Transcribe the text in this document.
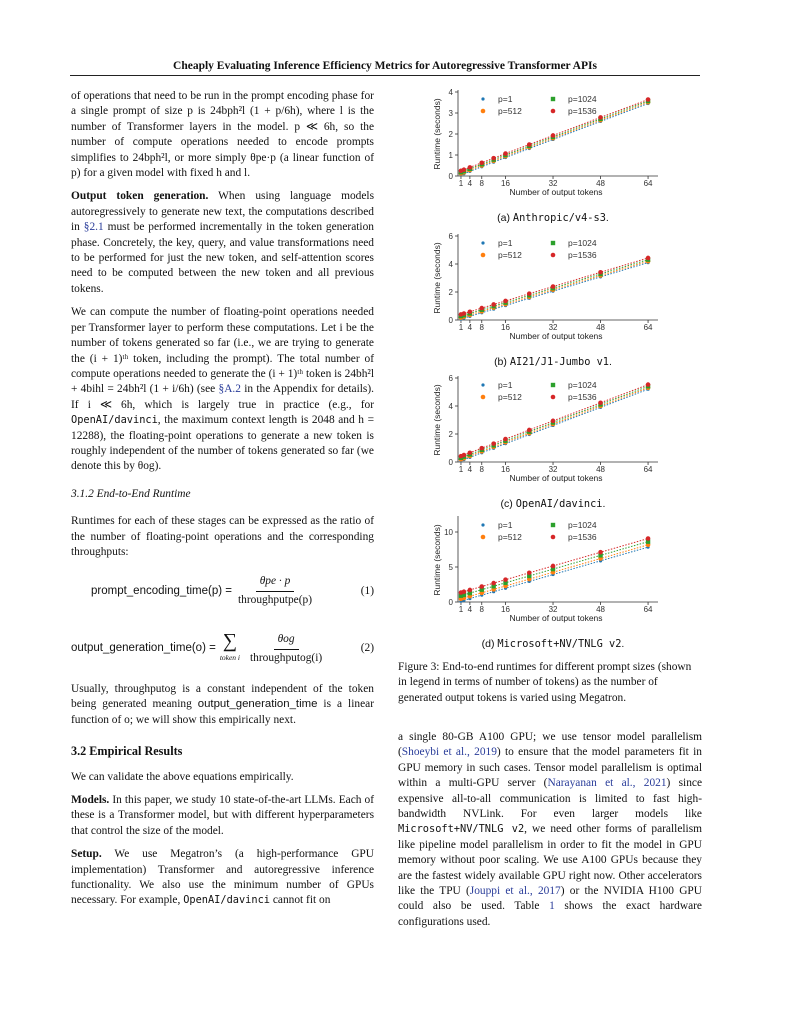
Cheaply Evaluating Inference Efficiency Metrics for Autoregressive Transformer APIs

of operations that need to be run in the prompt encoding phase for a single prompt of size p is 24bph²l (1 + p/6h), where l is the number of Transformer layers in the model. p ≪ 6h, so the number of compute operations needed to encode prompts simplifies to 24bph²l, or more simply θpe·p (a linear function of p) for a given model with fixed h and l.

Output token generation. When using language models autoregressively to generate new text, the computations described in §2.1 must be performed incrementally in the token generation phase. Concretely, the key, query, and value transformations need to be performed for just the new token, and self-attention scores need to be computed between the new token and all previous tokens.

We can compute the number of floating-point operations needed per Transformer layer to perform these computations. Let i be the number of tokens generated so far (i.e., we are trying to generate the (i + 1)ᵗʰ token, including the prompt). The total number of compute operations needed to generate the (i + 1)ᵗʰ token is 24bh²l + 4bihl = 24bh²l (1 + i/6h) (see §A.2 in the Appendix for details). If i ≪ 6h, which is largely true in practice (e.g., for OpenAI/davinci, the maximum context length is 2048 and h = 12288), the floating-point operations to generate a new token is roughly independent of the number of tokens generated so far (we denote this by θog).

3.1.2 End-to-End Runtime

Runtimes for each of these stages can be expressed as the ratio of the number of floating-point operations and the corresponding throughputs:

prompt_encoding_time(p) = $\frac{\text{θpe · p}}{\text{throughputpe(p)}}$	(1)
output_generation_time(o) = ∑
token i $\frac{\text{θog}}{\text{throughputog(i)}}$	(2)

Usually, throughputog is a constant independent of the token being generated meaning output_generation_time is a linear function of o; we will show this empirically next.

3.2 Empirical Results

We can validate the above equations empirically.

Models. In this paper, we study 10 state-of-the-art LLMs. Each of these is a Transformer model, but with different hyperparameters that control the size of the model.

Setup. We use Megatron’s (a high-performance GPU implementation) Transformer and autoregressive inference functionality. We also use the minimum number of GPUs necessary. For example, OpenAI/davinci cannot fit on

0
1
2
3
4
1 4 8 16	32	48	64
Number of output tokens
Runtime (seconds)	p=1
p=512
p=1024
p=1536
(a) Anthropic/v4-s3.
0
2
4
6
1 4 8 16	32	48	64
Number of output tokens
Runtime (seconds)	p=1
p=512
p=1024
p=1536
(b) AI21/J1-Jumbo v1.
0
2
4
6
1 4 8 16	32	48	64
Number of output tokens
Runtime (seconds)	p=1
p=512
p=1024
p=1536
(c) OpenAI/davinci.
0
5
10
1 4 8 16	32	48	64
Number of output tokens
Runtime (seconds)	p=1
p=512
p=1024
p=1536
(d) Microsoft+NV/TNLG v2.
Figure 3: End-to-end runtimes for different prompt sizes (shown in legend in terms of number of tokens) as the number of generated output tokens is varied using Megatron.

a single 80-GB A100 GPU; we use tensor model parallelism (Shoeybi et al., 2019) to ensure that the model parameters fit in GPU memory in such cases. Tensor model parallelism is optimal within a multi-GPU server (Narayanan et al., 2021) since expensive all-to-all communication is limited to fast high-bandwidth NVLink. For even larger models like Microsoft+NV/TNLG v2, we need other forms of parallelism like pipeline model parallelism in order to fit the model in GPU memory without poor scaling. We use A100 GPUs because they are the fastest widely available GPU right now. Other accelerators like the TPU (Jouppi et al., 2017) or the NVIDIA H100 GPU could also be used. Table 1 shows the exact hardware configurations used.
